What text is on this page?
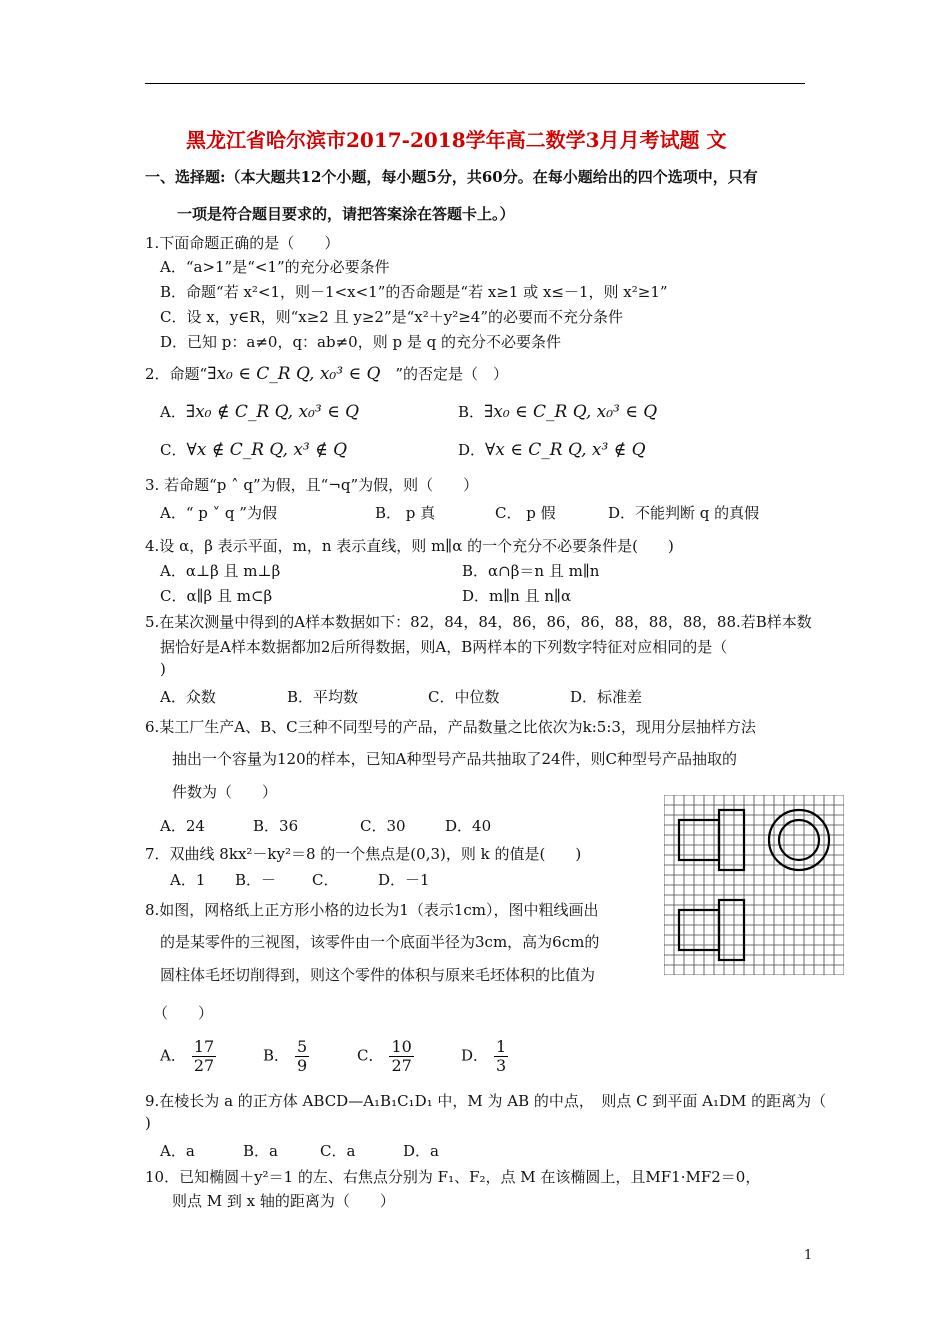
黑龙江省哈尔滨市2017-2018学年高二数学3月月考试题 文
一、选择题:（本大题共12个小题，每小题5分，共60分。在每小题给出的四个选项中，只有
一项是符合题目要求的，请把答案涂在答题卡上。）
1.下面命题正确的是（　　）
A．“a>1”是“<1”的充分必要条件
B．命题“若 x²<1，则－1<x<1”的否命题是“若 x≥1 或 x≤－1，则 x²≥1”
C．设 x，y∈R，则“x≥2 且 y≥2”是“x²＋y²≥4”的必要而不充分条件
D．已知 p：a≠0，q：ab≠0，则 p 是 q 的充分不必要条件
2．命题“∃x₀ ∈ C_R Q, x₀³ ∈ Q　”的否定是（　）
A．∃x₀ ∉ C_R Q, x₀³ ∈ Q	B．∃x₀ ∈ C_R Q, x₀³ ∈ Q
C．∀x ∉ C_R Q, x³ ∉ Q	D．∀x ∈ C_R Q, x³ ∉ Q
3. 若命题“p ˄ q”为假，且“¬q”为假，则（　　）
A．“ p ˅ q ”为假	B． p 真	C． p 假	D．不能判断 q 的真假
4.设 α，β 表示平面，m，n 表示直线，则 m∥α 的一个充分不必要条件是(　　)
A．α⊥β 且 m⊥β	B．α∩β＝n 且 m∥n
C．α∥β 且 m⊂β	D．m∥n 且 n∥α
5.在某次测量中得到的A样本数据如下：82，84，84，86，86，86，88，88，88，88.若B样本数
据恰好是A样本数据都加2后所得数据，则A，B两样本的下列数字特征对应相同的是（
)
A．众数	B．平均数	C．中位数	D．标准差
6.某工厂生产A、B、C三种不同型号的产品，产品数量之比依次为k:5:3，现用分层抽样方法
抽出一个容量为120的样本，已知A种型号产品共抽取了24件，则C种型号产品抽取的
件数为（　　）
A．24	B．36	C．30	D．40
7．双曲线 8kx²－ky²＝8 的一个焦点是(0,3)，则 k 的值是(　　)
A．1 B．－ C．	D．－1
8.如图，网格纸上正方形小格的边长为1（表示1cm），图中粗线画出
的是某零件的三视图，该零件由一个底面半径为3cm，高为6cm的
圆柱体毛坯切削得到，则这个零件的体积与原来毛坯体积的比值为
（　　）
A． $\frac{17}{27}$	B． $\frac{5}{9}$	C． $\frac{10}{27}$	D． $\frac{1}{3}$
9.在棱长为 a 的正方体 ABCD—A₁B₁C₁D₁ 中，M 为 AB 的中点，　则点 C 到平面 A₁DM 的距离为（
)
A．a	B．a	C．a	D．a
10．已知椭圆＋y²＝1 的左、右焦点分别为 F₁、F₂，点 M 在该椭圆上，且MF1·MF2＝0，
则点 M 到 x 轴的距离为（　　）
1
